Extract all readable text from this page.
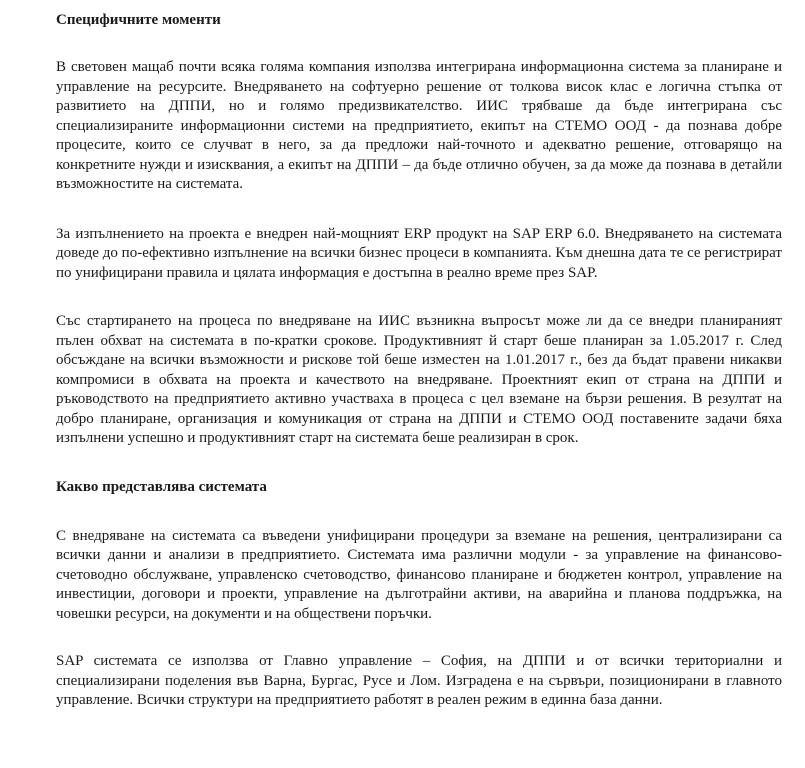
Специфичните моменти

В световен мащаб почти всяка голяма компания използва интегрирана информационна система за планиране и управление на ресурсите. Внедряването на софтуерно решение от толкова висок клас е логична стъпка от развитието на ДППИ, но и голямо предизвикателство. ИИС трябваше да бъде интегрирана със специализираните информационни системи на предприятието, екипът на СТЕМО ООД - да познава добре процесите, които се случват в него, за да предложи най-точното и адекватно решение, отговарящо на конкретните нужди и изисквания, а екипът на ДППИ – да бъде отлично обучен, за да може да познава в детайли възможностите на системата.

За изпълнението на проекта е внедрен най-мощният ERP продукт на SAP ERP 6.0. Внедряването на системата доведе до по-ефективно изпълнение на всички бизнес процеси в компанията. Към днешна дата те се регистрират по унифицирани правила и цялата информация е достъпна в реално време през SAP.

Със стартирането на процеса по внедряване на ИИС възникна въпросът може ли да се внедри планираният пълен обхват на системата в по-кратки срокове. Продуктивният й старт беше планиран за 1.05.2017 г. След обсъждане на всички възможности и рискове той беше изместен на 1.01.2017 г., без да бъдат правени никакви компромиси в обхвата на проекта и качеството на внедряване. Проектният екип от страна на ДППИ и ръководството на предприятието активно участваха в процеса с цел вземане на бързи решения. В резултат на добро планиране, организация и комуникация от страна на ДППИ и СТЕМО ООД поставените задачи бяха изпълнени успешно и продуктивният старт на системата беше реализиран в срок.

Какво представлява системата

С внедряване на системата са въведени унифицирани процедури за вземане на решения, централизирани са всички данни и анализи в предприятието. Системата има различни модули - за управление на финансово-счетоводно обслужване, управленско счетоводство, финансово планиране и бюджетен контрол, управление на инвестиции, договори и проекти, управление на дълготрайни активи, на аварийна и планова поддръжка, на човешки ресурси, на документи и на обществени поръчки.

SAP системата се използва от Главно управление – София, на ДППИ и от всички териториални и специализирани поделения във Варна, Бургас, Русе и Лом. Изградена е на сървъри, позиционирани в главното управление. Всички структури на предприятието работят в реален режим в единна база данни.
